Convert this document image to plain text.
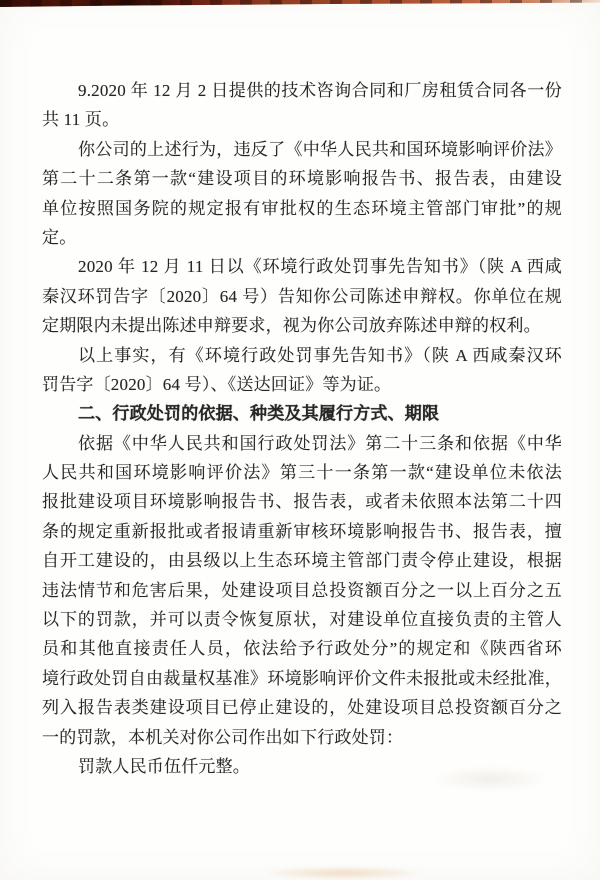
9.2020 年 12 月 2 日提供的技术咨询合同和厂房租赁合同各一份
共 11 页。
你公司的上述行为，违反了《中华人民共和国环境影响评价法》
第二十二条第一款“建设项目的环境影响报告书、报告表，由建设
单位按照国务院的规定报有审批权的生态环境主管部门审批”的规
定。
2020 年 12 月 11 日以《环境行政处罚事先告知书》（陕 A 西咸
秦汉环罚告字〔2020〕64 号）告知你公司陈述申辩权。你单位在规
定期限内未提出陈述申辩要求，视为你公司放弃陈述申辩的权利。
以上事实，有《环境行政处罚事先告知书》（陕 A 西咸秦汉环
罚告字〔2020〕64 号）、《送达回证》等为证。
二、行政处罚的依据、种类及其履行方式、期限
依据《中华人民共和国行政处罚法》第二十三条和依据《中华
人民共和国环境影响评价法》第三十一条第一款“建设单位未依法
报批建设项目环境影响报告书、报告表，或者未依照本法第二十四
条的规定重新报批或者报请重新审核环境影响报告书、报告表，擅
自开工建设的，由县级以上生态环境主管部门责令停止建设，根据
违法情节和危害后果，处建设项目总投资额百分之一以上百分之五
以下的罚款，并可以责令恢复原状，对建设单位直接负责的主管人
员和其他直接责任人员，依法给予行政处分”的规定和《陕西省环
境行政处罚自由裁量权基准》环境影响评价文件未报批或未经批准，
列入报告表类建设项目已停止建设的，处建设项目总投资额百分之
一的罚款，本机关对你公司作出如下行政处罚：
罚款人民币伍仟元整。
